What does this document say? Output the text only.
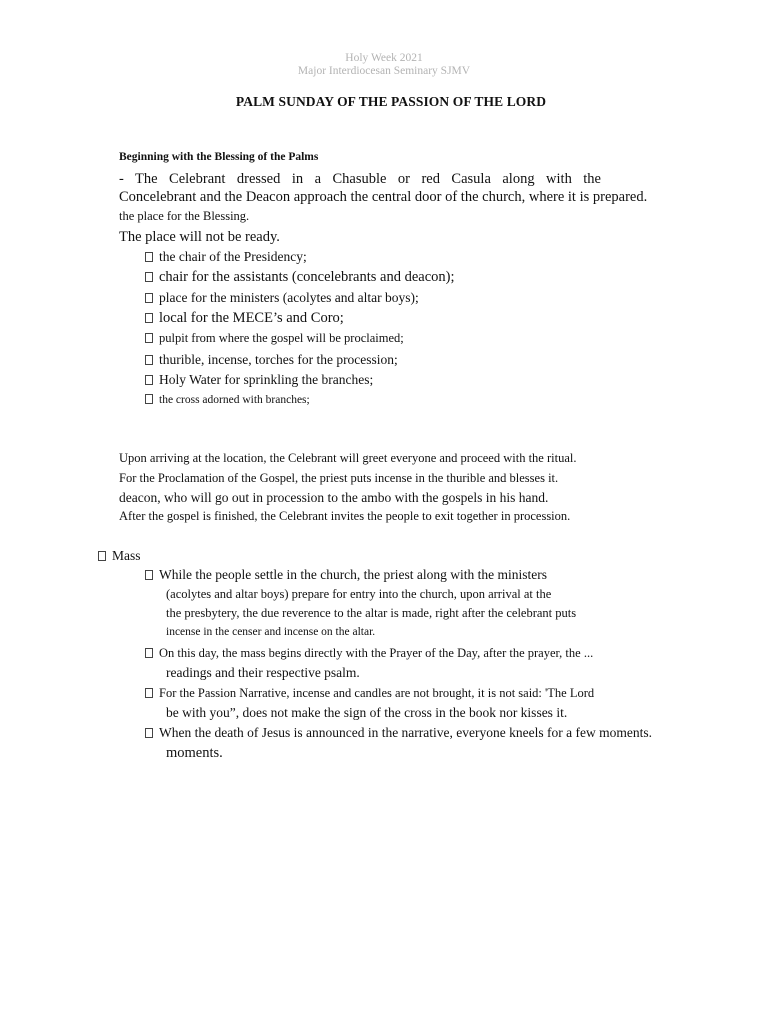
Holy Week 2021
Major Interdiocesan Seminary SJMV
PALM SUNDAY OF THE PASSION OF THE LORD
Beginning with the Blessing of the Palms
- The Celebrant dressed in a Chasuble or red Casula along with the
Concelebrant and the Deacon approach the central door of the church, where it is prepared.
the place for the Blessing.
The place will not be ready.
the chair of the Presidency;
chair for the assistants (concelebrants and deacon);
place for the ministers (acolytes and altar boys);
local for the MECE’s and Coro;
pulpit from where the gospel will be proclaimed;
thurible, incense, torches for the procession;
Holy Water for sprinkling the branches;
the cross adorned with branches;
Upon arriving at the location, the Celebrant will greet everyone and proceed with the ritual.
For the Proclamation of the Gospel, the priest puts incense in the thurible and blesses it.
deacon, who will go out in procession to the ambo with the gospels in his hand.
After the gospel is finished, the Celebrant invites the people to exit together in procession.
Mass
While the people settle in the church, the priest along with the ministers
(acolytes and altar boys) prepare for entry into the church, upon arrival at the
the presbytery, the due reverence to the altar is made, right after the celebrant puts
incense in the censer and incense on the altar.
On this day, the mass begins directly with the Prayer of the Day, after the prayer, the ...
readings and their respective psalm.
For the Passion Narrative, incense and candles are not brought, it is not said: 'The Lord
be with you”, does not make the sign of the cross in the book nor kisses it.
When the death of Jesus is announced in the narrative, everyone kneels for a few moments.
moments.
